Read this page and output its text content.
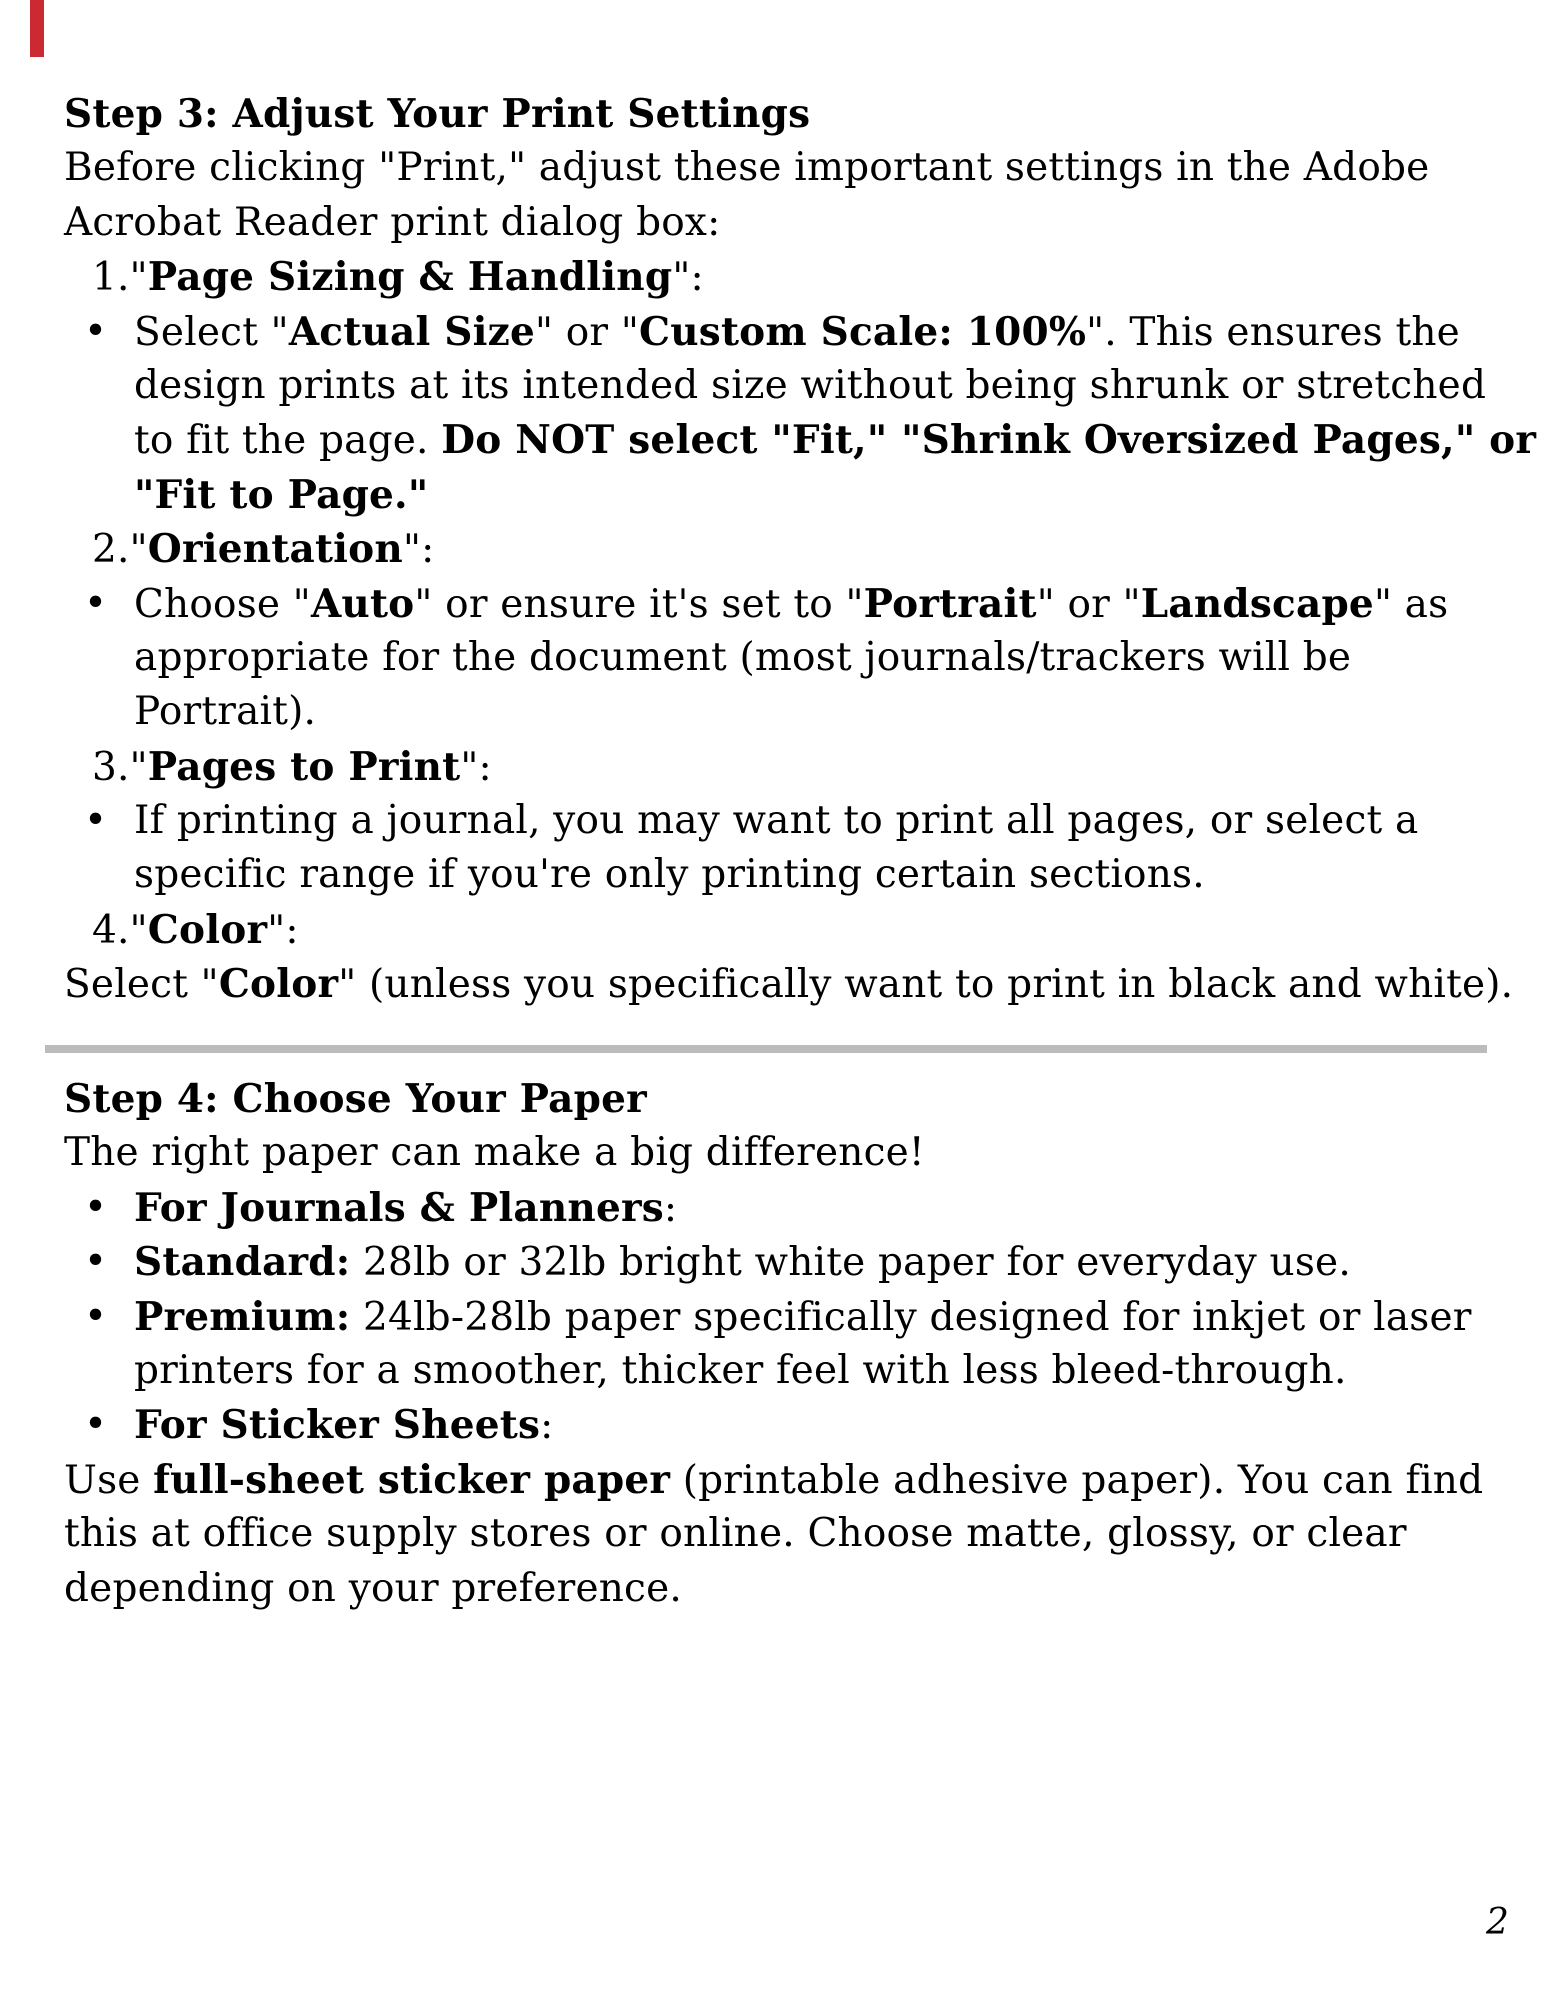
Step 3: Adjust Your Print Settings
Before clicking "Print," adjust these important settings in the Adobe
Acrobat Reader print dialog box:
1."Page Sizing & Handling":
• Select "Actual Size" or "Custom Scale: 100%". This ensures the
design prints at its intended size without being shrunk or stretched
to fit the page. Do NOT select "Fit," "Shrink Oversized Pages," or
"Fit to Page."
2."Orientation":
• Choose "Auto" or ensure it's set to "Portrait" or "Landscape" as
appropriate for the document (most journals/trackers will be
Portrait).
3."Pages to Print":
• If printing a journal, you may want to print all pages, or select a
specific range if you're only printing certain sections.
4."Color":
Select "Color" (unless you specifically want to print in black and white).
Step 4: Choose Your Paper
The right paper can make a big difference!
• For Journals & Planners:
• Standard: 28lb or 32lb bright white paper for everyday use.
• Premium: 24lb-28lb paper specifically designed for inkjet or laser
printers for a smoother, thicker feel with less bleed-through.
• For Sticker Sheets:
Use full-sheet sticker paper (printable adhesive paper). You can find
this at office supply stores or online. Choose matte, glossy, or clear
depending on your preference.
2
